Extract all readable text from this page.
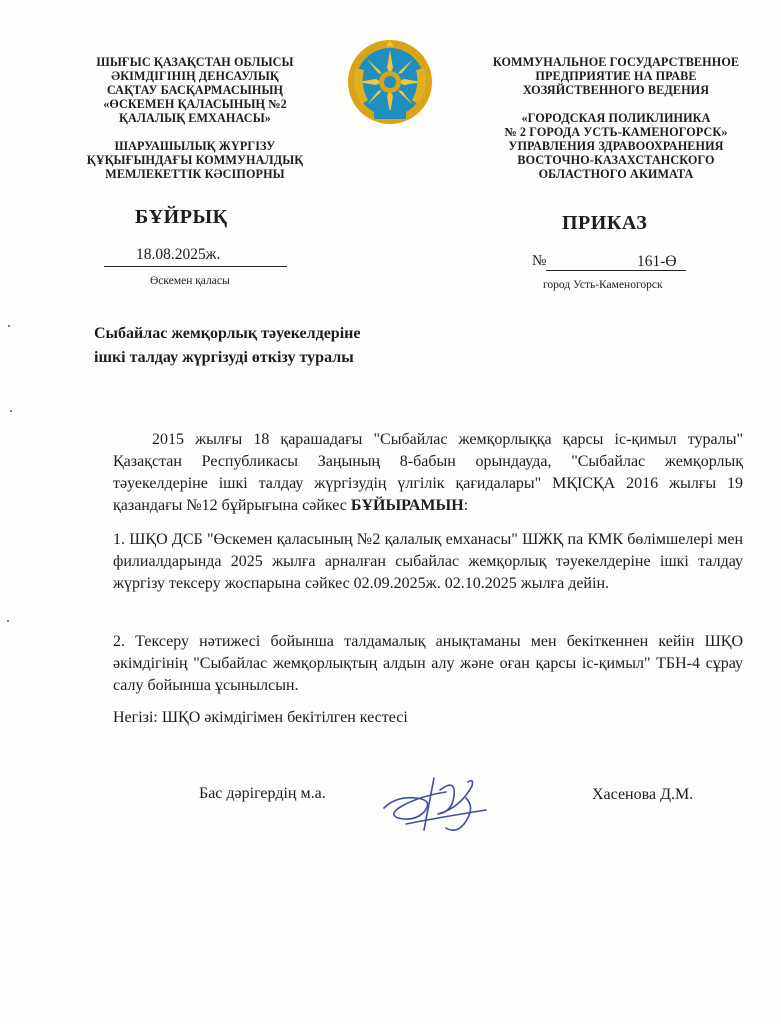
ШЫҒЫС ҚАЗАҚСТАН ОБЛЫСЫ
ӘКІМДІГІНІҢ ДЕНСАУЛЫҚ
САҚТАУ БАСҚАРМАСЫНЫҢ
«ӨСКЕМЕН ҚАЛАСЫНЫҢ №2
ҚАЛАЛЫҚ ЕМХАНАСЫ»
ШАРУАШЫЛЫҚ ЖҮРГІЗУ
ҚҰҚЫҒЫНДАҒЫ КОММУНАЛДЫҚ
МЕМЛЕКЕТТІК КӘСІПОРНЫ
КОММУНАЛЬНОЕ ГОСУДАРСТВЕННОЕ
ПРЕДПРИЯТИЕ НА ПРАВЕ
ХОЗЯЙСТВЕННОГО ВЕДЕНИЯ

«ГОРОДСКАЯ ПОЛИКЛИНИКА
№ 2 ГОРОДА УСТЬ-КАМЕНОГОРСК»
УПРАВЛЕНИЯ ЗДРАВООХРАНЕНИЯ
ВОСТОЧНО-КАЗАХСТАНСКОГО
ОБЛАСТНОГО АКИМАТА
БҰЙРЫҚ	ПРИКАЗ
18.08.2025ж.
Өскемен қаласы
№	161-Ө
город Усть-Каменогорск
Сыбайлас жемқорлық тәуекелдеріне
ішкі талдау жүргізуді өткізу туралы
2015 жылғы 18 қарашадағы "Сыбайлас жемқорлыққа қарсы іс-қимыл туралы" Қазақстан Республикасы Заңының 8-бабын орындауда, "Сыбайлас жемқорлық тәуекелдеріне ішкі талдау жүргізудің үлгілік қағидалары" МҚІСҚА 2016 жылғы 19 қазандағы №12 бұйрығына сәйкес БҰЙЫРАМЫН:
1. ШҚО ДСБ "Өскемен қаласының №2 қалалық емханасы" ШЖҚ па КМК бөлімшелері мен филиалдарында 2025 жылға арналған сыбайлас жемқорлық тәуекелдеріне ішкі талдау жүргізу тексеру жоспарына сәйкес 02.09.2025ж. 02.10.2025 жылға дейін.
2. Тексеру нәтижесі бойынша талдамалық анықтаманы мен бекіткеннен кейін ШҚО әкімдігінің "Сыбайлас жемқорлықтың алдын алу және оған қарсы іс-қимыл" ТБН-4 сұрау салу бойынша ұсынылсын.
Негізі: ШҚО әкімдігімен бекітілген кестесі
Бас дәрігердің м.а.	Хасенова Д.М.
